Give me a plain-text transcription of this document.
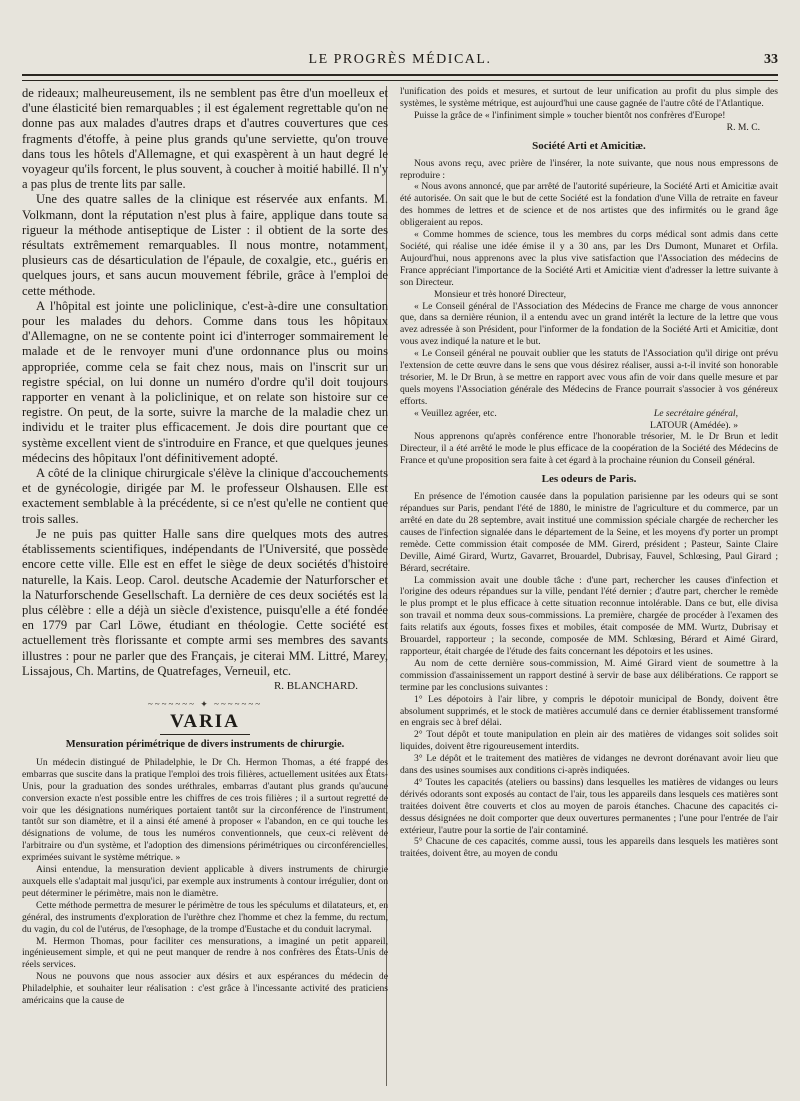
LE PROGRÈS MÉDICAL.	33

de rideaux; malheureusement, ils ne semblent pas être d'un moelleux et d'une élasticité bien remarquables ; il est également regrettable qu'on ne donne pas aux malades d'autres draps et d'autres couvertures que ces fragments d'étoffe, à peine plus grands qu'une serviette, qu'on trouve dans tous les hôtels d'Allemagne, et qui exaspèrent à un haut degré le voyageur qu'ils forcent, le plus souvent, à coucher à moitié habillé. Il n'y a pas plus de trente lits par salle.

Une des quatre salles de la clinique est réservée aux enfants. M. Volkmann, dont la réputation n'est plus à faire, applique dans toute sa rigueur la méthode antiseptique de Lister : il obtient de la sorte des résultats extrêmement remarquables. Il nous montre, notamment, plusieurs cas de désarticulation de l'épaule, de coxalgie, etc., guéris en quelques jours, et sans aucun mouvement fébrile, grâce à l'emploi de cette méthode.

A l'hôpital est jointe une policlinique, c'est-à-dire une consultation pour les malades du dehors. Comme dans tous les hôpitaux d'Allemagne, on ne se contente point ici d'interroger sommairement le malade et de le renvoyer muni d'une ordonnance plus ou moins appropriée, comme cela se fait chez nous, mais on l'inscrit sur un registre spécial, on lui donne un numéro d'ordre qu'il doit toujours rapporter en venant à la policlinique, et on relate son histoire sur ce registre. On peut, de la sorte, suivre la marche de la maladie chez un individu et le traiter plus efficacement. Je dois dire pourtant que ce système excellent vient de s'introduire en France, et que quelques jeunes médecins des hôpitaux l'ont définitivement adopté.

A côté de la clinique chirurgicale s'élève la clinique d'accouchements et de gynécologie, dirigée par M. le professeur Olshausen. Elle est exactement semblable à la précédente, si ce n'est qu'elle ne contient que trois salles.

Je ne puis pas quitter Halle sans dire quelques mots des autres établissements scientifiques, indépendants de l'Université, que possède encore cette ville. Elle est en effet le siège de deux sociétés d'histoire naturelle, la Kais. Leop. Carol. deutsche Academie der Naturforscher et la Naturforschende Gesellschaft. La dernière de ces deux sociétés est la plus célèbre : elle a déjà un siècle d'existence, puisqu'elle a été fondée en 1779 par Carl Löwe, étudiant en théologie. Cette société est actuellement très florissante et compte armi ses membres des savants illustres : pour ne parler que des Français, je citerai MM. Littré, Marey, Lissajous, Ch. Martins, de Quatrefages, Verneuil, etc.

R. BLANCHARD.

~~~~~~~ ✦ ~~~~~~~
VARIA
Mensuration périmétrique de divers instruments de chirurgie.

Un médecin distingué de Philadelphie, le Dr Ch. Hermon Thomas, a été frappé des embarras que suscite dans la pratique l'emploi des trois filières, actuellement usitées aux États-Unis, pour la graduation des sondes uréthrales, embarras d'autant plus grands qu'aucune conversion exacte n'est possible entre les chiffres de ces trois filières ; il a surtout regretté de voir que les désignations numériques portaient tantôt sur la circonférence de l'instrument, tantôt sur son diamètre, et il a ainsi été amené à proposer « l'abandon, en ce qui touche les désignations de volume, de tous les numéros conventionnels, que ceux-ci relèvent de l'arbitraire ou d'un système, et l'adoption des dimensions périmétriques ou circonférencielles, exprimées suivant le système métrique. »

Ainsi entendue, la mensuration devient applicable à divers instruments de chirurgie auxquels elle s'adaptait mal jusqu'ici, par exemple aux instruments à contour irrégulier, dont on peut déterminer le périmètre, mais non le diamètre.

Cette méthode permettra de mesurer le périmètre de tous les spéculums et dilatateurs, et, en général, des instruments d'exploration de l'urèthre chez l'homme et chez la femme, du rectum, du vagin, du col de l'utérus, de l'œsophage, de la trompe d'Eustache et du conduit lacrymal.

M. Hermon Thomas, pour faciliter ces mensurations, a imaginé un petit appareil, ingénieusement simple, et qui ne peut manquer de rendre à nos confrères des États-Unis de réels services.

Nous ne pouvons que nous associer aux désirs et aux espérances du médecin de Philadelphie, et souhaiter leur réalisation : c'est grâce à l'incessante activité des praticiens américains que la cause de

l'unification des poids et mesures, et surtout de leur unification au profit du plus simple des systèmes, le système métrique, est aujourd'hui une cause gagnée de l'autre côté de l'Atlantique.

Puisse la grâce de « l'infiniment simple » toucher bientôt nos confrères d'Europe!

R. M. C.

Société Arti et Amicitiæ.

Nous avons reçu, avec prière de l'insérer, la note suivante, que nous nous empressons de reproduire :

« Nous avons annoncé, que par arrêté de l'autorité supérieure, la Société Arti et Amicitiæ avait été autorisée. On sait que le but de cette Société est la fondation d'une Villa de retraite en faveur des hommes de lettres et de science et de nos artistes que des infirmités ou le grand âge obligeraient au repos.

« Comme hommes de science, tous les membres du corps médical sont admis dans cette Société, qui réalise une idée émise il y a 30 ans, par les Drs Dumont, Munaret et Orfila. Aujourd'hui, nous apprenons avec la plus vive satisfaction que l'Association des médecins de France appréciant l'importance de la Société Arti et Amicitiæ vient d'adresser la lettre suivante à son Directeur.

Monsieur et très honoré Directeur,

« Le Conseil général de l'Association des Médecins de France me charge de vous annoncer que, dans sa dernière réunion, il a entendu avec un grand intérêt la lecture de la lettre que vous avez adressée à son Président, pour l'informer de la fondation de la Société Arti et Amicitiæ, dont vous avez indiqué la nature et le but.

« Le Conseil général ne pouvait oublier que les statuts de l'Association qu'il dirige ont prévu l'extension de cette œuvre dans le sens que vous désirez réaliser, aussi a-t-il invité son honorable trésorier, M. le Dr Brun, à se mettre en rapport avec vous afin de voir dans quelle mesure et par quels moyens l'Association générale des Médecins de France pourrait s'associer à vos généreux efforts.

« Veuillez agréer, etc.	Le secrétaire général,

LATOUR (Amédée). »

Nous apprenons qu'après conférence entre l'honorable trésorier, M. le Dr Brun et ledit Directeur, il a été arrêté le mode le plus efficace de la coopération de la Société des Médecins de France et qu'une proposition sera faite à cet égard à la prochaine réunion du Conseil général.

Les odeurs de Paris.

En présence de l'émotion causée dans la population parisienne par les odeurs qui se sont répandues sur Paris, pendant l'été de 1880, le ministre de l'agriculture et du commerce, par un arrêté en date du 28 septembre, avait institué une commission spéciale chargée de rechercher les causes de l'infection signalée dans le département de la Seine, et les moyens d'y porter un prompt remède. Cette commission était composée de MM. Girerd, président ; Pasteur, Sainte Claire Deville, Aimé Girard, Wurtz, Gavarret, Brouardel, Dubrisay, Fauvel, Schlœsing, Paul Girard ; Bérard, secrétaire.

La commission avait une double tâche : d'une part, rechercher les causes d'infection et l'origine des odeurs répandues sur la ville, pendant l'été dernier ; d'autre part, chercher le remède le plus prompt et le plus efficace à cette situation reconnue intolérable. Dans ce but, elle divisa son travail et nomma deux sous-commissions. La première, chargée de procéder à l'examen des faits relatifs aux égouts, fosses fixes et mobiles, était composée de MM. Wurtz, Dubrisay et Brouardel, rapporteur ; la seconde, composée de MM. Schlœsing, Bérard et Aimé Girard, rapporteur, était chargée de l'étude des faits concernant les dépotoirs et les usines.

Au nom de cette dernière sous-commission, M. Aimé Girard vient de soumettre à la commission d'assainissement un rapport destiné à servir de base aux délibérations. Ce rapport se termine par les conclusions suivantes :

1° Les dépotoirs à l'air libre, y compris le dépotoir municipal de Bondy, doivent être absolument supprimés, et le stock de matières accumulé dans ce dernier établissement transformé en engrais sec à bref délai.

2° Tout dépôt et toute manipulation en plein air des matières de vidanges soit solides soit liquides, doivent être rigoureusement interdits.

3° Le dépôt et le traitement des matières de vidanges ne devront dorénavant avoir lieu que dans des usines soumises aux conditions ci-après indiquées.

4° Toutes les capacités (ateliers ou bassins) dans lesquelles les matières de vidanges ou leurs dérivés odorants sont exposés au contact de l'air, tous les appareils dans lesquels ces matières sont traitées doivent être couverts et clos au moyen de parois étanches. Chacune des capacités ci-dessus désignées ne doit comporter que deux ouvertures permanentes ; l'une pour l'entrée de l'air extérieur, l'autre pour la sortie de l'air contaminé.

5° Chacune de ces capacités, comme aussi, tous les appareils dans lesquels les matières sont traitées, doivent être, au moyen de condu
